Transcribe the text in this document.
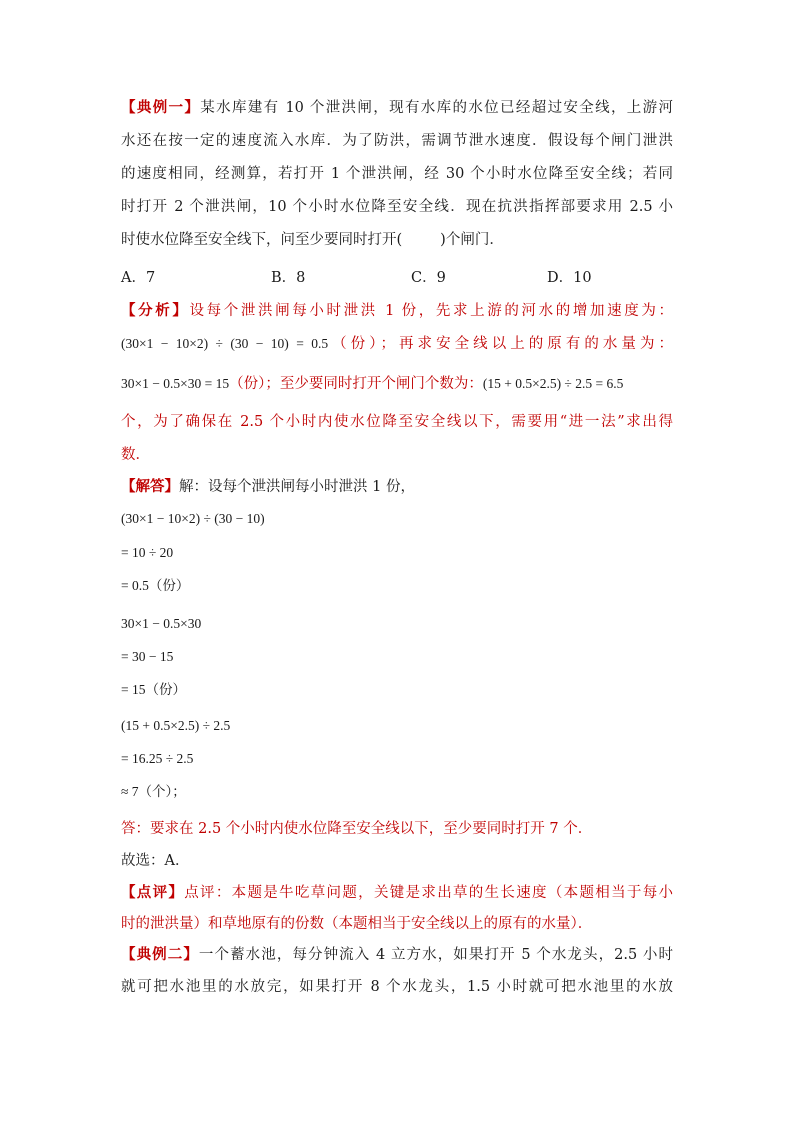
【典例一】某水库建有 10 个泄洪闸，现有水库的水位已经超过安全线，上游河
水还在按一定的速度流入水库．为了防洪，需调节泄水速度．假设每个闸门泄洪
的速度相同，经测算，若打开 1 个泄洪闸，经 30 个小时水位降至安全线；若同
时打开 2 个泄洪闸，10 个小时水位降至安全线．现在抗洪指挥部要求用 2.5 小
时使水位降至安全线下，问至少要同时打开(	)个闸门．
A．7	B．8	C．9	D．10
【分析】设每个泄洪闸每小时泄洪 1 份，先求上游的河水的增加速度为：
(30×1 − 10×2) ÷ (30 − 10) = 0.5（份）；再求安全线以上的原有的水量为：
30×1 − 0.5×30 = 15（份）；至少要同时打开个闸门个数为：(15 + 0.5×2.5) ÷ 2.5 = 6.5
个，为了确保在 2.5 个小时内使水位降至安全线以下，需要用“进一法”求出得
数．
【解答】解：设每个泄洪闸每小时泄洪 1 份，
(30×1 − 10×2) ÷ (30 − 10)
= 10 ÷ 20
= 0.5（份）
30×1 − 0.5×30
= 30 − 15
= 15（份）
(15 + 0.5×2.5) ÷ 2.5
= 16.25 ÷ 2.5
≈ 7（个）；
答：要求在 2.5 个小时内使水位降至安全线以下，至少要同时打开 7 个．
故选：A．
【点评】点评：本题是牛吃草问题，关键是求出草的生长速度（本题相当于每小
时的泄洪量）和草地原有的份数（本题相当于安全线以上的原有的水量）．
【典例二】一个蓄水池，每分钟流入 4 立方水，如果打开 5 个水龙头，2.5 小时
就可把水池里的水放完，如果打开 8 个水龙头，1.5 小时就可把水池里的水放
